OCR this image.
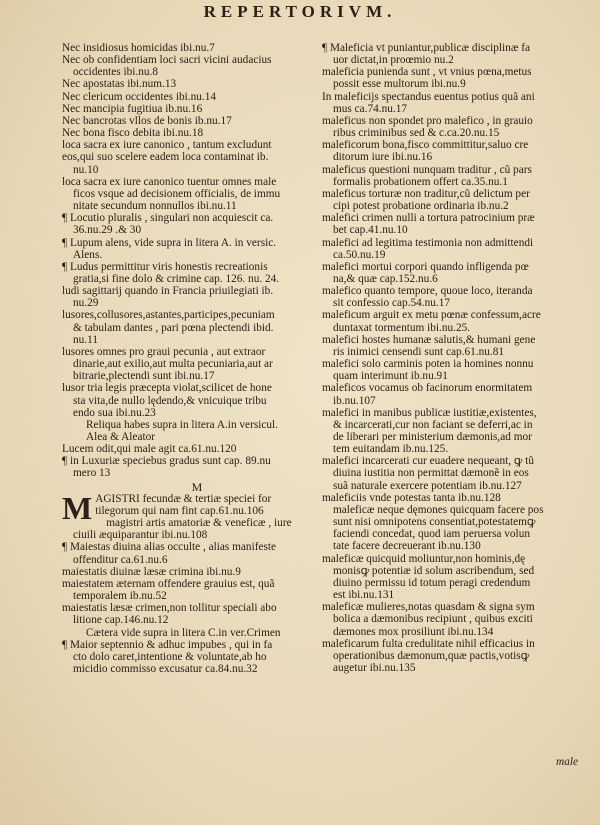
REPERTORIVM.
Nec insidiosus homicidas ibi.nu.7
Nec ob confidentiam loci sacri vicini audacius
occidentes ibi.nu.8
Nec apostatas ibi.num.13
Nec clericum occidentes ibi.nu.14
Nec mancipia fugitiua ib.nu.16
Nec bancrotas vllos de bonis ib.nu.17
Nec bona fisco debita ibi.nu.18
loca sacra ex iure canonico , tantum excludunt
eos,qui suo scelere eadem loca contaminat ib.
nu.10
loca sacra ex iure canonico tuentur omnes male
ficos vsque ad decisionem officialis, de immu
nitate secundum nonnullos ibi.nu.11
¶ Locutio pluralis , singulari non acquiescit ca.
36.nu.29 .& 30
¶ Lupum alens, vide supra in litera A. in versic.
Alens.
¶ Ludus permittitur viris honestis recreationis
gratia,si fine dolo & crimine cap. 126. nu. 24.
ludi sagittarij quando in Francia priuilegiati ib.
nu.29
lusores,collusores,astantes,participes,pecuniam
& tabulam dantes , pari pœna plectendi ibid.
nu.11
lusores omnes pro graui pecunia , aut extraor
dinarie,aut exilio,aut multa pecuniaria,aut ar
bitrarie,plectendi sunt ibi.nu.17
lusor tria legis præcepta violat,scilicet de hone
sta vita,de nullo lędendo,& vnicuique tribu
endo sua ibi.nu.23
Reliqua habes supra in litera A.in versicul.
Alea & Aleator
Lucem odit,qui male agit ca.61.nu.120
¶ in Luxuriæ speciebus gradus sunt cap. 89.nu
mero 13
M
M AGISTRI fecundæ & tertiæ speciei for
tilegorum qui nam fint cap.61.nu.106
magistri artis amatoriæ & veneficæ , iure
ciuili æquiparantur ibi.nu.108
¶ Maiestas diuina alias occulte , alias manifeste
offenditur ca.61.nu.6
maiestatis diuinæ læsæ crimina ibi.nu.9
maiestatem æternam offendere grauius est, quã
temporalem ib.nu.52
maiestatis læsæ crimen,non tollitur speciali abo
litione cap.146.nu.12
Cætera vide supra in litera C.in ver.Crimen
¶ Maior septennio & adhuc impubes , qui in fa
cto dolo caret,intentione & voluntate,ab ho
micidio commisso excusatur ca.84.nu.32
¶ Maleficia vt puniantur,publicæ disciplinæ fa
uor dictat,in proœmio nu.2
maleficia punienda sunt , vt vnius pœna,metus
possit esse multorum ibi.nu.9
In maleficijs spectandus euentus potius quã ani
mus ca.74.nu.17
maleficus non spondet pro malefico , in grauio
ribus criminibus sed & c.ca.20.nu.15
maleficorum bona,fisco committitur,saluo cre
ditorum iure ibi.nu.16
maleficus questioni nunquam traditur , cũ pars
formalis probationem offert ca.35.nu.1
maleficus torturæ non traditur,cũ delictum per
cipi potest probatione ordinaria ib.nu.2
malefici crimen nulli a tortura patrocinium præ
bet cap.41.nu.10
malefici ad legitima testimonia non admittendi
ca.50.nu.19
malefici mortui corpori quando infligenda pœ
na,& quæ cap.152.nu.6
malefico quanto tempore, quoue loco, iteranda
sit confessio cap.54.nu.17
maleficum arguit ex metu pœnæ confessum,acre
duntaxat tormentum ibi.nu.25.
malefici hostes humanæ salutis,& humani gene
ris inimici censendi sunt cap.61.nu.81
malefici solo carminis poten ia homines nonnu
quam interimunt ib.nu.91
maleficos vocamus ob facinorum enormitatem
ib.nu.107
malefici in manibus publicæ iustitiæ,existentes,
& incarcerati,cur non faciant se deferri,ac in
de liberari per ministerium dæmonis,ad mor
tem euitandam ib.nu.125.
malefici incarcerati cur euadere nequeant, ꝙ tũ
diuina iustitia non permittat dæmonẽ in eos
suã naturale exercere potentiam ib.nu.127
maleficiis vnde potestas tanta ib.nu.128
maleficæ neque dęmones quicquam facere pos
sunt nisi omnipotens consentiat,potestatemꝙ
faciendi concedat, quod iam peruersa volun
tate facere decreuerant ib.nu.130
maleficæ quicquid moliuntur,non hominis,dę
monisꝙ potentiæ id solum ascribendum, sed
diuino permissu id totum peragi credendum
est ibi.nu.131
maleficæ mulieres,notas quasdam & signa sym
bolica a dæmonibus recipiunt , quibus exciti
dæmones mox prosiliunt ibi.nu.134
maleficarum fulta credulitate nihil efficacius in
operationibus dæmonum,quæ pactis,votisꝙ
augetur ibi.nu.135
male
